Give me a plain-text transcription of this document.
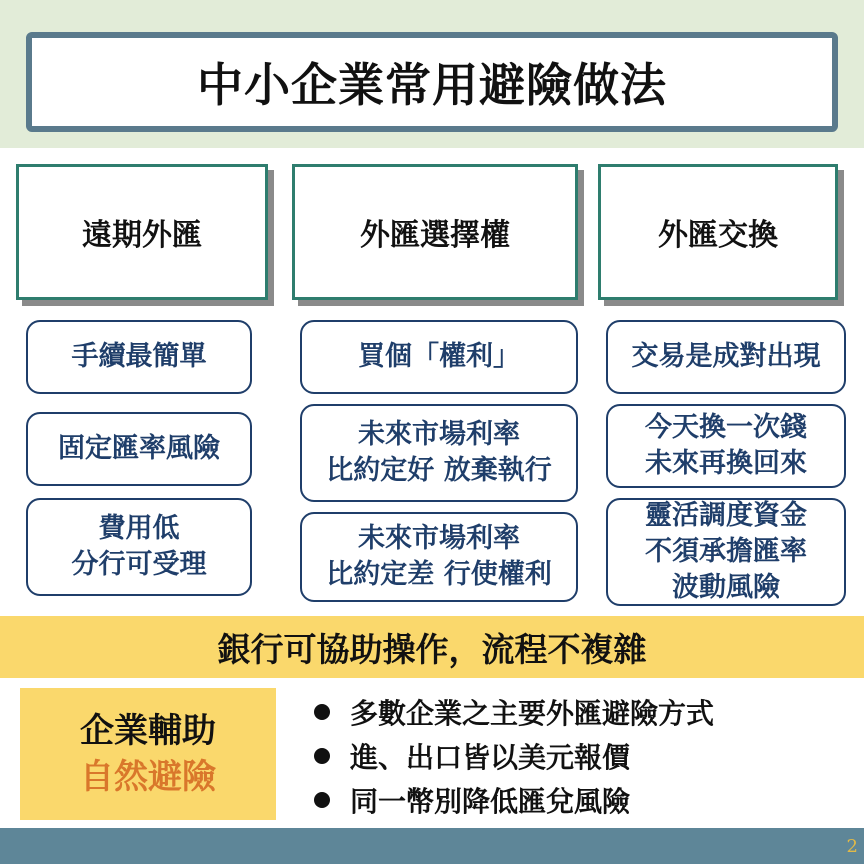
中小企業常用避險做法
遠期外匯
手續最簡單
固定匯率風險
費用低
分行可受理
外匯選擇權
買個「權利」
未來市場利率
比約定好 放棄執行
未來市場利率
比約定差 行使權利
外匯交換
交易是成對出現
今天換一次錢
未來再換回來
靈活調度資金
不須承擔匯率
波動風險
銀行可協助操作，流程不複雜
企業輔助
自然避險
多數企業之主要外匯避險方式
進、出口皆以美元報價
同一幣別降低匯兌風險
2
